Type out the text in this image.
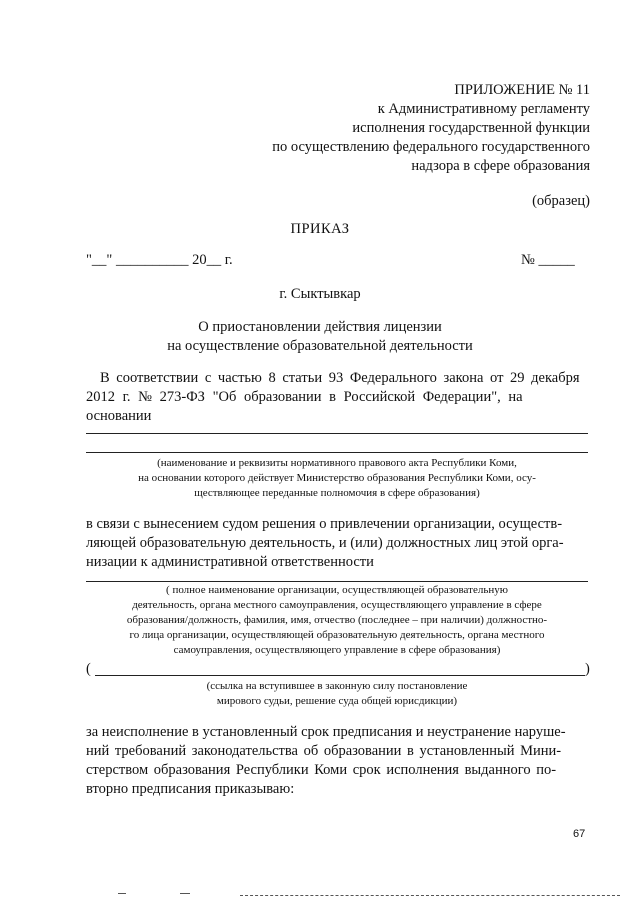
ПРИЛОЖЕНИЕ № 11
к Административному регламенту
исполнения государственной функции
по осуществлению федерального государственного
надзора в сфере образования
(образец)
ПРИКАЗ
"__" __________ 20__ г.	№ _____
г. Сыктывкар
О приостановлении действия лицензии
на осуществление образовательной деятельности
В соответствии с частью 8 статьи 93 Федерального закона от 29 декабря
2012 г. № 273-ФЗ "Об образовании в Российской Федерации", на
основании
(наименование и реквизиты нормативного правового акта Республики Коми,
на основании которого действует Министерство образования Республики Коми, осу-
ществляющее переданные полномочия в сфере образования)
в связи с вынесением судом решения о привлечении организации, осуществ-
ляющей образовательную деятельность, и (или) должностных лиц этой орга-
низации к административной ответственности
( полное наименование организации, осуществляющей образовательную
деятельность, органа местного самоуправления, осуществляющего управление в сфере
образования/должность, фамилия, имя, отчество (последнее – при наличии) должностно-
го лица организации, осуществляющей образовательную деятельность, органа местного
самоуправления, осуществляющего управление в сфере образования)
(	)
(ссылка на вступившее в законную силу постановление
мирового судьи, решение суда общей юрисдикции)
за неисполнение в установленный срок предписания и неустранение наруше-
ний требований законодательства об образовании в установленный Мини-
стерством образования Республики Коми срок исполнения выданного по-
вторно предписания приказываю:
67
